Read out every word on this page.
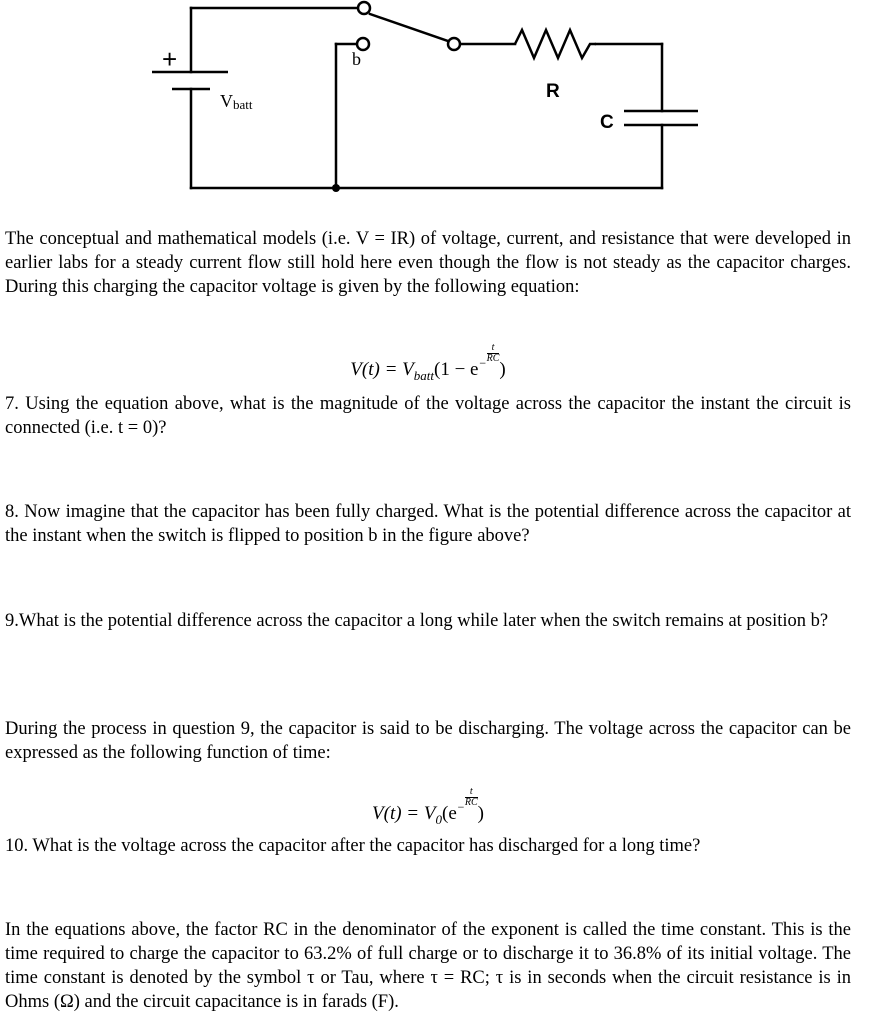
+
Vbatt
b
R
C

The conceptual and mathematical models (i.e. V = IR) of voltage, current, and resistance that were developed in earlier labs for a steady current flow still hold here even though the flow is not steady as the capacitor charges. During this charging the capacitor voltage is given by the following equation:

$V(t) = V_{batt}(1 - e^{- \frac{t}{RC}}$
)

7. Using the equation above, what is the magnitude of the voltage across the capacitor the instant the circuit is connected (i.e. t = 0)?

8. Now imagine that the capacitor has been fully charged. What is the potential difference across the capacitor at the instant when the switch is flipped to position b in the figure above?

9.What is the potential difference across the capacitor a long while later when the switch remains at position b?

During the process in question 9, the capacitor is said to be discharging. The voltage across the capacitor can be expressed as the following function of time:

$V(t) = V_0(e^{- \frac{t}{RC}}$
)

10. What is the voltage across the capacitor after the capacitor has discharged for a long time?

In the equations above, the factor RC in the denominator of the exponent is called the time constant. This is the time required to charge the capacitor to 63.2% of full charge or to discharge it to 36.8% of its initial voltage. The time constant is denoted by the symbol τ or Tau, where τ = RC; τ is in seconds when the circuit resistance is in Ohms (Ω) and the circuit capacitance is in farads (F).
